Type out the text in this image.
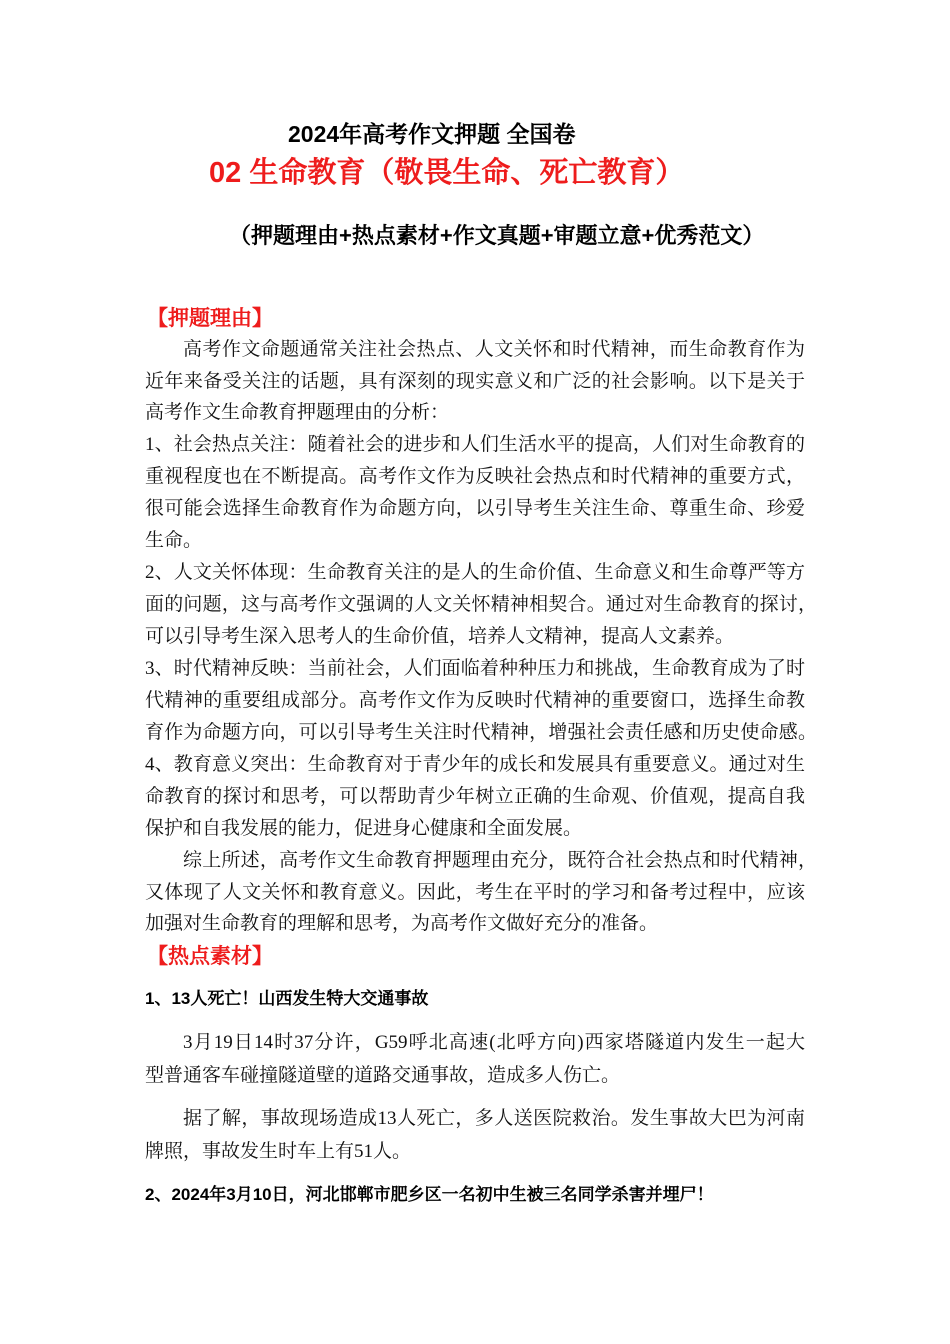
2024年高考作文押题 全国卷
02 生命教育（敬畏生命、死亡教育）
（押题理由+热点素材+作文真题+审题立意+优秀范文）
【押题理由】
高考作文命题通常关注社会热点、人文关怀和时代精神，而生命教育作为
近年来备受关注的话题，具有深刻的现实意义和广泛的社会影响。以下是关于
高考作文生命教育押题理由的分析：
1、社会热点关注：随着社会的进步和人们生活水平的提高，人们对生命教育的
重视程度也在不断提高。高考作文作为反映社会热点和时代精神的重要方式，
很可能会选择生命教育作为命题方向，以引导考生关注生命、尊重生命、珍爱
生命。
2、人文关怀体现：生命教育关注的是人的生命价值、生命意义和生命尊严等方
面的问题，这与高考作文强调的人文关怀精神相契合。通过对生命教育的探讨，
可以引导考生深入思考人的生命价值，培养人文精神，提高人文素养。
3、时代精神反映：当前社会，人们面临着种种压力和挑战，生命教育成为了时
代精神的重要组成部分。高考作文作为反映时代精神的重要窗口，选择生命教
育作为命题方向，可以引导考生关注时代精神，增强社会责任感和历史使命感。
4、教育意义突出：生命教育对于青少年的成长和发展具有重要意义。通过对生
命教育的探讨和思考，可以帮助青少年树立正确的生命观、价值观，提高自我
保护和自我发展的能力，促进身心健康和全面发展。
综上所述，高考作文生命教育押题理由充分，既符合社会热点和时代精神，
又体现了人文关怀和教育意义。因此，考生在平时的学习和备考过程中，应该
加强对生命教育的理解和思考，为高考作文做好充分的准备。
【热点素材】
1、13人死亡！山西发生特大交通事故
3月19日14时37分许，G59呼北高速(北呼方向)西家塔隧道内发生一起大
型普通客车碰撞隧道壁的道路交通事故，造成多人伤亡。
据了解，事故现场造成13人死亡，多人送医院救治。发生事故大巴为河南
牌照，事故发生时车上有51人。
2、2024年3月10日，河北邯郸市肥乡区一名初中生被三名同学杀害并埋尸！
